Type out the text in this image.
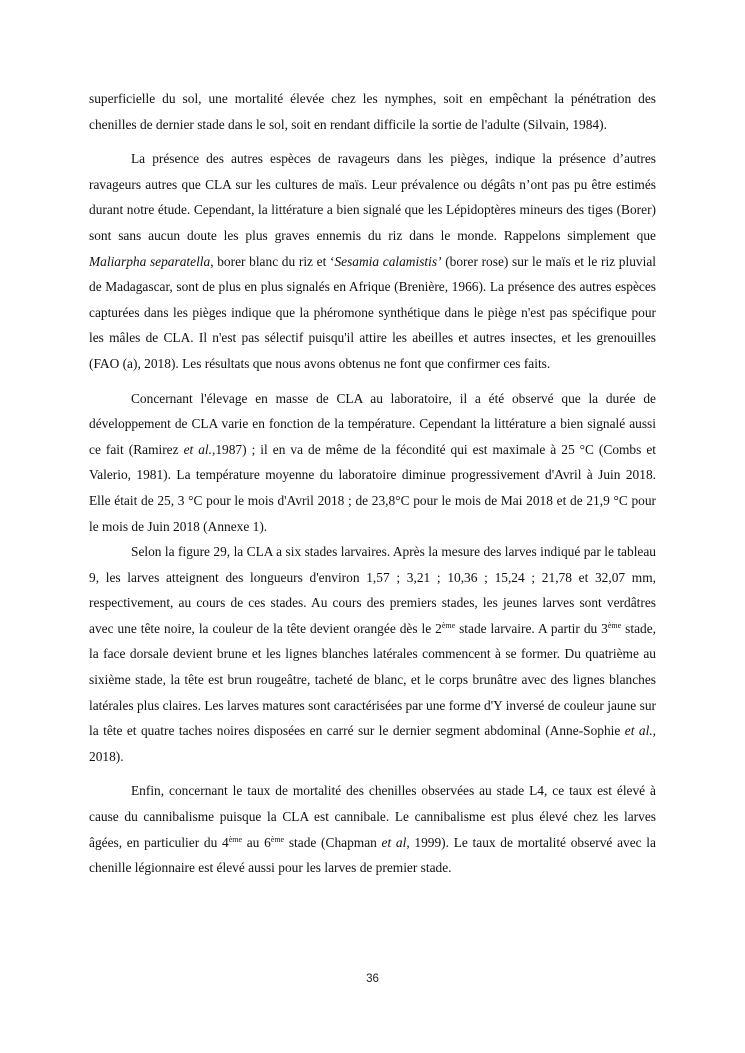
superficielle du sol, une mortalité élevée chez les nymphes, soit en empêchant la pénétration des chenilles de dernier stade dans le sol, soit en rendant difficile la sortie de l'adulte (Silvain, 1984).

La présence des autres espèces de ravageurs dans les pièges, indique la présence d’autres ravageurs autres que CLA sur les cultures de maïs. Leur prévalence ou dégâts n’ont pas pu être estimés durant notre étude. Cependant, la littérature a bien signalé que les Lépidoptères mineurs des tiges (Borer) sont sans aucun doute les plus graves ennemis du riz dans le monde. Rappelons simplement que Maliarpha separatella, borer blanc du riz et ‘Sesamia calamistis’ (borer rose) sur le maïs et le riz pluvial de Madagascar, sont de plus en plus signalés en Afrique (Brenière, 1966). La présence des autres espèces capturées dans les pièges indique que la phéromone synthétique dans le piège n'est pas spécifique pour les mâles de CLA. Il n'est pas sélectif puisqu'il attire les abeilles et autres insectes, et les grenouilles (FAO (a), 2018). Les résultats que nous avons obtenus ne font que confirmer ces faits.

Concernant l'élevage en masse de CLA au laboratoire, il a été observé que la durée de développement de CLA varie en fonction de la température. Cependant la littérature a bien signalé aussi ce fait (Ramirez et al.,1987) ; il en va de même de la fécondité qui est maximale à 25 °C (Combs et Valerio, 1981). La température moyenne du laboratoire diminue progressivement d'Avril à Juin 2018. Elle était de 25, 3 °C pour le mois d'Avril 2018 ; de 23,8°C pour le mois de Mai 2018 et de 21,9 °C pour le mois de Juin 2018 (Annexe 1).

Selon la figure 29, la CLA a six stades larvaires. Après la mesure des larves indiqué par le tableau 9, les larves atteignent des longueurs d'environ 1,57 ; 3,21 ; 10,36 ; 15,24 ; 21,78 et 32,07 mm, respectivement, au cours de ces stades. Au cours des premiers stades, les jeunes larves sont verdâtres avec une tête noire, la couleur de la tête devient orangée dès le 2ème stade larvaire. A partir du 3ème stade, la face dorsale devient brune et les lignes blanches latérales commencent à se former. Du quatrième au sixième stade, la tête est brun rougeâtre, tacheté de blanc, et le corps brunâtre avec des lignes blanches latérales plus claires. Les larves matures sont caractérisées par une forme d'Y inversé de couleur jaune sur la tête et quatre taches noires disposées en carré sur le dernier segment abdominal (Anne-Sophie et al., 2018).

Enfin, concernant le taux de mortalité des chenilles observées au stade L4, ce taux est élevé à cause du cannibalisme puisque la CLA est cannibale. Le cannibalisme est plus élevé chez les larves âgées, en particulier du 4ème au 6ème stade (Chapman et al, 1999). Le taux de mortalité observé avec la chenille légionnaire est élevé aussi pour les larves de premier stade.

36
